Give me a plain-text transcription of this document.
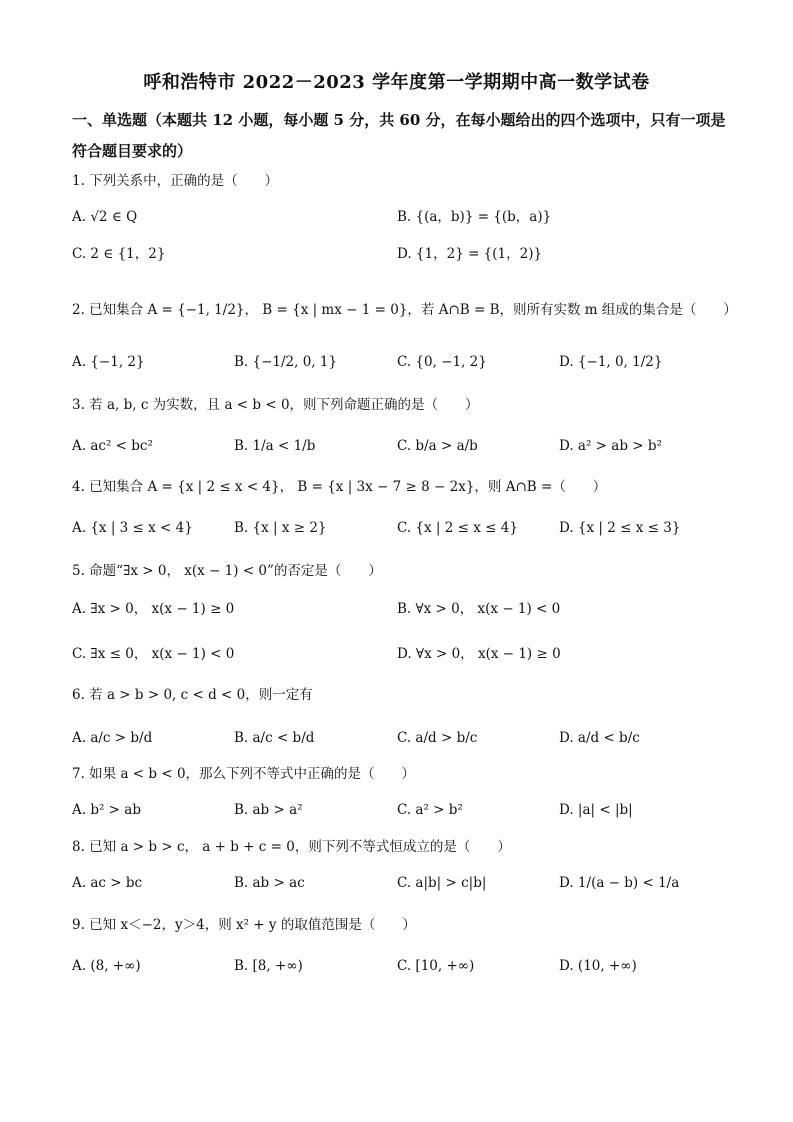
呼和浩特市 2022－2023 学年度第一学期期中高一数学试卷
一、单选题（本题共 12 小题，每小题 5 分，共 60 分，在每小题给出的四个选项中，只有一项是符合题目要求的）
1. 下列关系中，正确的是（　　）
A. √2 ∈ Q	B. {(a，b)} = {(b，a)}
C. 2 ∈ {1，2}	D. {1，2} = {(1，2)}
2. 已知集合 A = {−1, 1/2}， B = {x | mx − 1 = 0}，若 A∩B = B，则所有实数 m 组成的集合是（　　）
A. {−1, 2}	B. {−1/2, 0, 1}	C. {0, −1, 2}	D. {−1, 0, 1/2}
3. 若 a, b, c 为实数，且 a < b < 0，则下列命题正确的是（　　）
A. ac² < bc²	B. 1/a < 1/b	C. b/a > a/b	D. a² > ab > b²
4. 已知集合 A = {x | 2 ≤ x < 4}， B = {x | 3x − 7 ≥ 8 − 2x}，则 A∩B =（　　）
A. {x | 3 ≤ x < 4}	B. {x | x ≥ 2}	C. {x | 2 ≤ x ≤ 4}	D. {x | 2 ≤ x ≤ 3}
5. 命题“∃x > 0， x(x − 1) < 0”的否定是（　　）
A. ∃x > 0， x(x − 1) ≥ 0	B. ∀x > 0， x(x − 1) < 0
C. ∃x ≤ 0， x(x − 1) < 0	D. ∀x > 0， x(x − 1) ≥ 0
6. 若 a > b > 0, c < d < 0，则一定有
A. a/c > b/d	B. a/c < b/d	C. a/d > b/c	D. a/d < b/c
7. 如果 a < b < 0，那么下列不等式中正确的是（　　）
A. b² > ab	B. ab > a²	C. a² > b²	D. |a| < |b|
8. 已知 a > b > c， a + b + c = 0，则下列不等式恒成立的是（　　）
A. ac > bc	B. ab > ac	C. a|b| > c|b|	D. 1/(a − b) < 1/a
9. 已知 x＜−2，y＞4，则 x² + y 的取值范围是（　　）
A. (8, +∞)	B. [8, +∞)	C. [10, +∞)	D. (10, +∞)
